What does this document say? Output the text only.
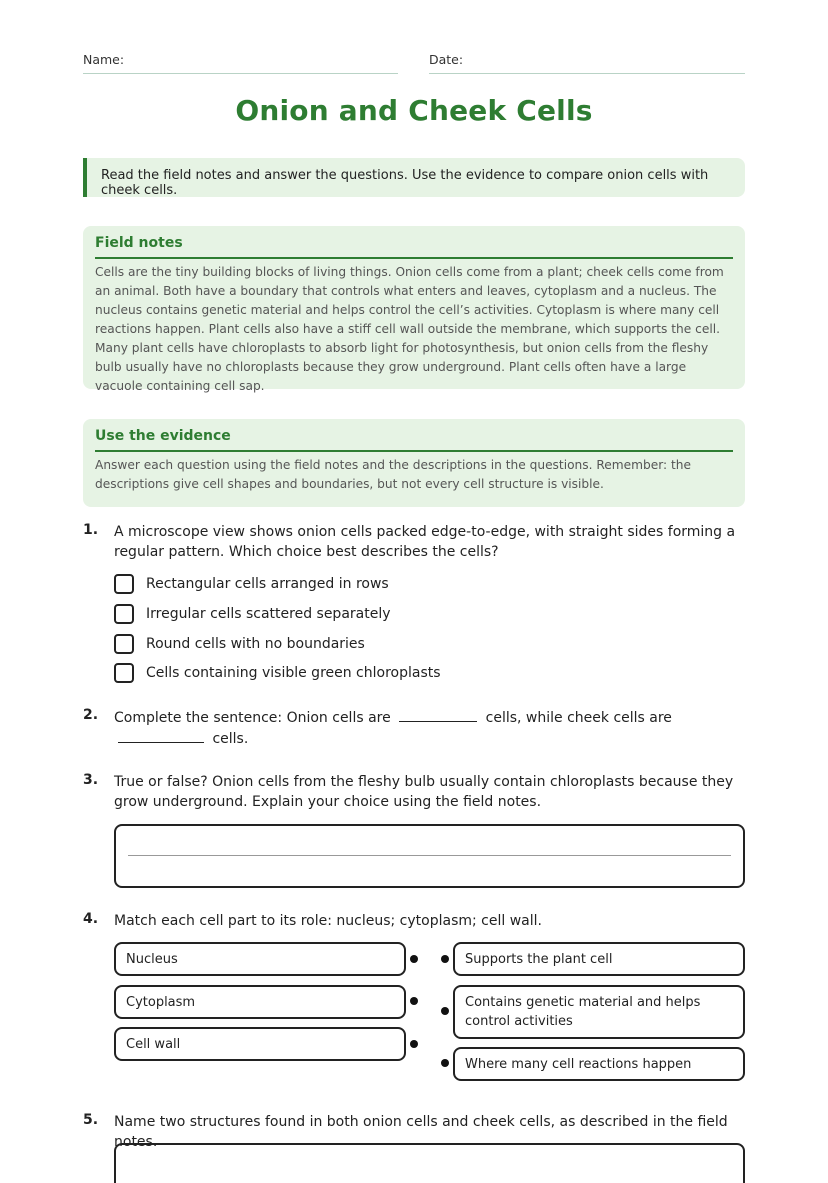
Name:	Date:
Onion and Cheek Cells
Read the field notes and answer the questions. Use the evidence to compare onion cells with cheek cells.
Field notes
Cells are the tiny building blocks of living things. Onion cells come from a plant; cheek cells come from an animal. Both have a boundary that controls what enters and leaves, cytoplasm and a nucleus. The nucleus contains genetic material and helps control the cell’s activities. Cytoplasm is where many cell reactions happen. Plant cells also have a stiff cell wall outside the membrane, which supports the cell. Many plant cells have chloroplasts to absorb light for photosynthesis, but onion cells from the fleshy bulb usually have no chloroplasts because they grow underground. Plant cells often have a large vacuole containing cell sap.
Use the evidence
Answer each question using the field notes and the descriptions in the questions. Remember: the descriptions give cell shapes and boundaries, but not every cell structure is visible.
1. A microscope view shows onion cells packed edge-to-edge, with straight sides forming a regular pattern. Which choice best describes the cells?
Rectangular cells arranged in rows
Irregular cells scattered separately
Round cells with no boundaries
Cells containing visible green chloroplasts
2. Complete the sentence: Onion cells are	cells, while cheek cells are  cells.
3. True or false? Onion cells from the fleshy bulb usually contain chloroplasts because they grow underground. Explain your choice using the field notes.
4. Match each cell part to its role: nucleus; cytoplasm; cell wall.
Nucleus
Cytoplasm
Cell wall
Supports the plant cell
Contains genetic material and helps control activities
Where many cell reactions happen
5. Name two structures found in both onion cells and cheek cells, as described in the field notes.
